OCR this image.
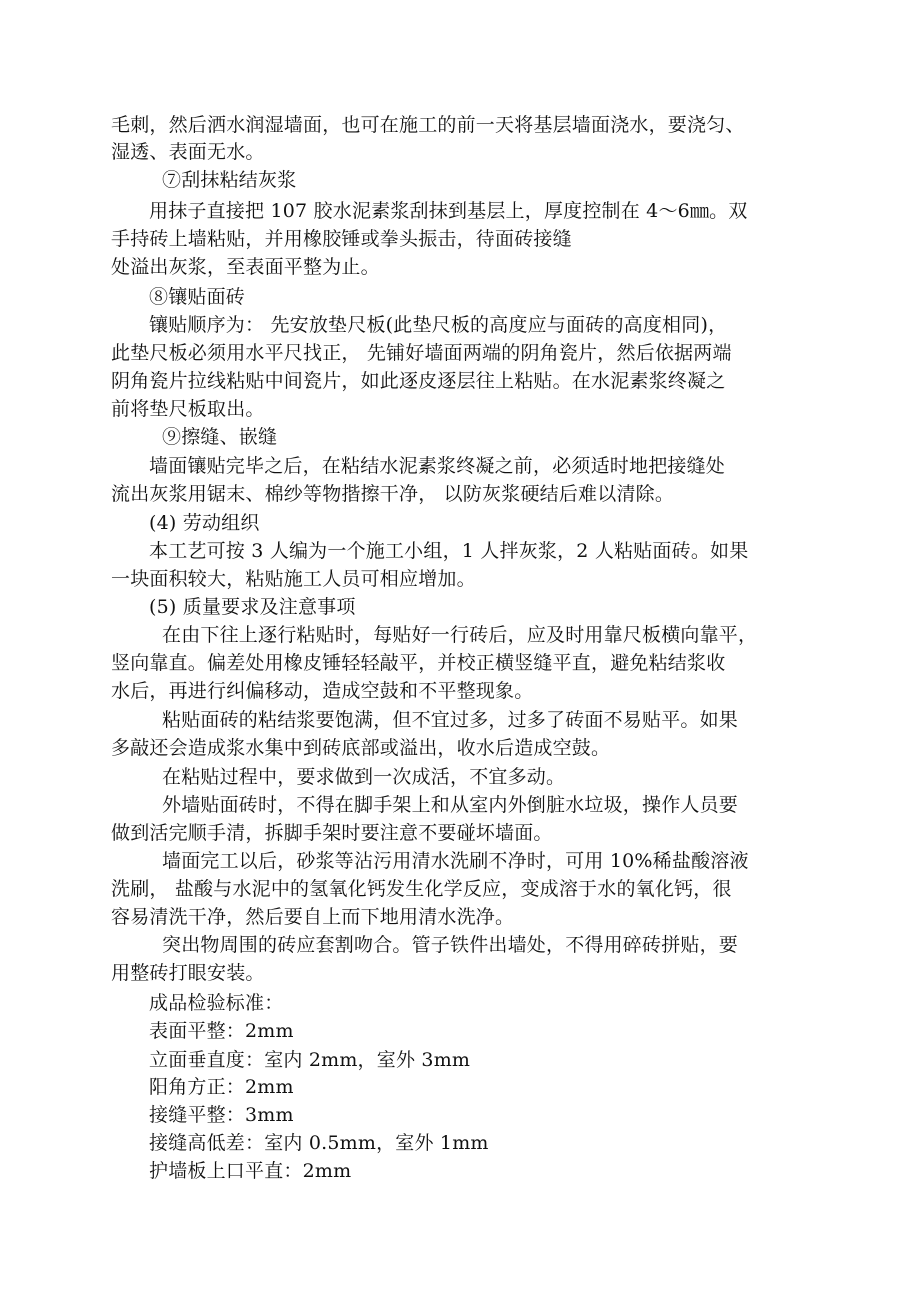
毛刺，然后洒水润湿墙面，也可在施工的前一天将基层墙面浇水，要浇匀、
湿透、表面无水。
⑦刮抹粘结灰浆
用抹子直接把 107 胶水泥素浆刮抹到基层上，厚度控制在 4～6㎜。双
手持砖上墙粘贴，并用橡胶锤或拳头振击，待面砖接缝
处溢出灰浆，至表面平整为止。
⑧镶贴面砖
镶贴顺序为： 先安放垫尺板(此垫尺板的高度应与面砖的高度相同)，
此垫尺板必须用水平尺找正， 先铺好墙面两端的阴角瓷片，然后依据两端
阴角瓷片拉线粘贴中间瓷片，如此逐皮逐层往上粘贴。在水泥素浆终凝之
前将垫尺板取出。
⑨擦缝、嵌缝
墙面镶贴完毕之后，在粘结水泥素浆终凝之前，必须适时地把接缝处
流出灰浆用锯末、棉纱等物揩擦干净， 以防灰浆硬结后难以清除。
(4) 劳动组织
本工艺可按 3 人编为一个施工小组，1 人拌灰浆，2 人粘贴面砖。如果
一块面积较大，粘贴施工人员可相应增加。
(5) 质量要求及注意事项
在由下往上逐行粘贴时，每贴好一行砖后，应及时用靠尺板横向靠平，
竖向靠直。偏差处用橡皮锤轻轻敲平，并校正横竖缝平直，避免粘结浆收
水后，再进行纠偏移动，造成空鼓和不平整现象。
粘贴面砖的粘结浆要饱满，但不宜过多，过多了砖面不易贴平。如果
多敲还会造成浆水集中到砖底部或溢出，收水后造成空鼓。
在粘贴过程中，要求做到一次成活，不宜多动。
外墙贴面砖时，不得在脚手架上和从室内外倒脏水垃圾，操作人员要
做到活完顺手清，拆脚手架时要注意不要碰坏墙面。
墙面完工以后，砂浆等沾污用清水洗刷不净时，可用 10%稀盐酸溶液
洗刷， 盐酸与水泥中的氢氧化钙发生化学反应，变成溶于水的氧化钙，很
容易清洗干净，然后要自上而下地用清水洗净。
突出物周围的砖应套割吻合。管子铁件出墙处，不得用碎砖拼贴，要
用整砖打眼安装。
成品检验标准：
表面平整：2mm
立面垂直度：室内 2mm，室外 3mm
阳角方正：2mm
接缝平整：3mm
接缝高低差：室内 0.5mm，室外 1mm
护墙板上口平直：2mm
